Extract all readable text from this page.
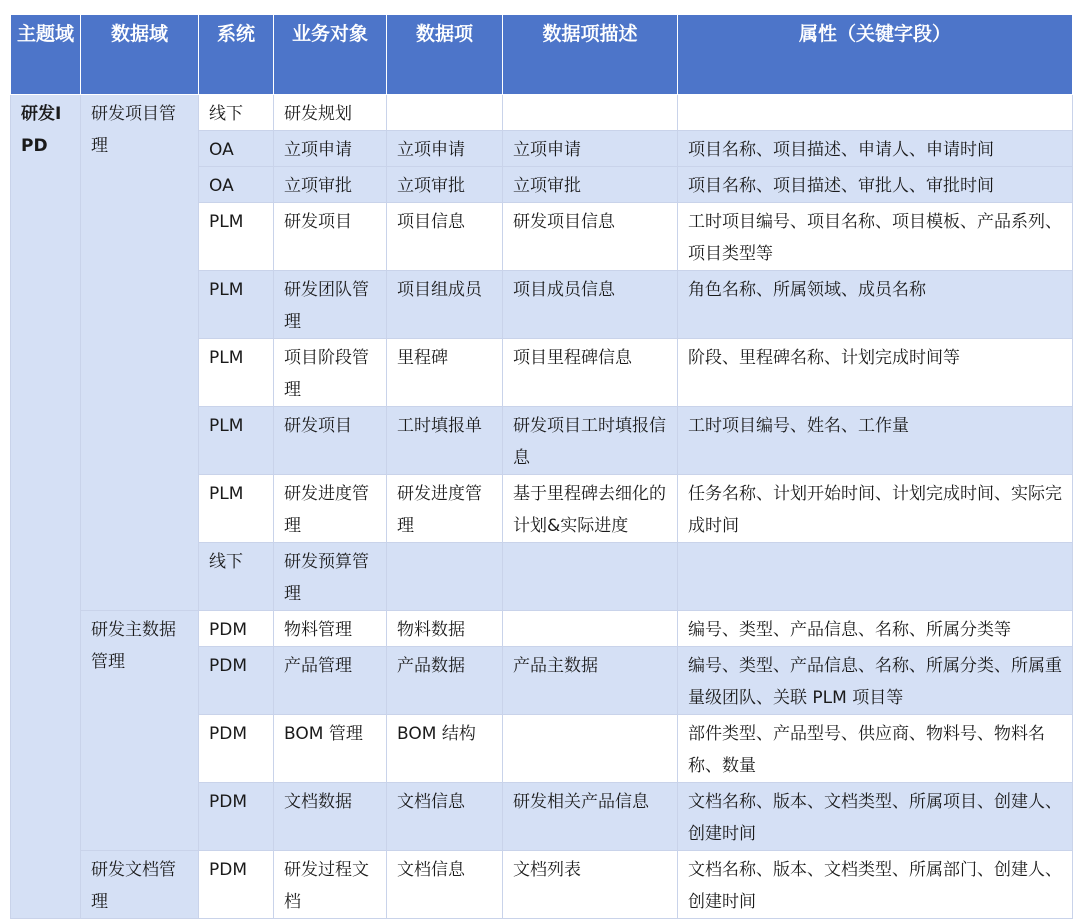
主题域	数据域	系统	业务对象	数据项	数据项描述	属性（关键字段）
研发IPD	研发项目管理	线下	研发规划			
		OA	立项申请	立项申请	立项申请	项目名称、项目描述、申请人、申请时间
		OA	立项审批	立项审批	立项审批	项目名称、项目描述、审批人、审批时间
		PLM	研发项目	项目信息	研发项目信息	工时项目编号、项目名称、项目模板、产品系列、项目类型等
		PLM	研发团队管理	项目组成员	项目成员信息	角色名称、所属领域、成员名称
		PLM	项目阶段管理	里程碑	项目里程碑信息	阶段、里程碑名称、计划完成时间等
		PLM	研发项目	工时填报单	研发项目工时填报信息	工时项目编号、姓名、工作量
		PLM	研发进度管理	研发进度管理	基于里程碑去细化的计划&实际进度	任务名称、计划开始时间、计划完成时间、实际完成时间
		线下	研发预算管理			
	研发主数据管理	PDM	物料管理	物料数据		编号、类型、产品信息、名称、所属分类等
		PDM	产品管理	产品数据	产品主数据	编号、类型、产品信息、名称、所属分类、所属重量级团队、关联 PLM 项目等
		PDM	BOM 管理	BOM 结构		部件类型、产品型号、供应商、物料号、物料名称、数量
		PDM	文档数据	文档信息	研发相关产品信息	文档名称、版本、文档类型、所属项目、创建人、创建时间
	研发文档管理	PDM	研发过程文档	文档信息	文档列表	文档名称、版本、文档类型、所属部门、创建人、创建时间
